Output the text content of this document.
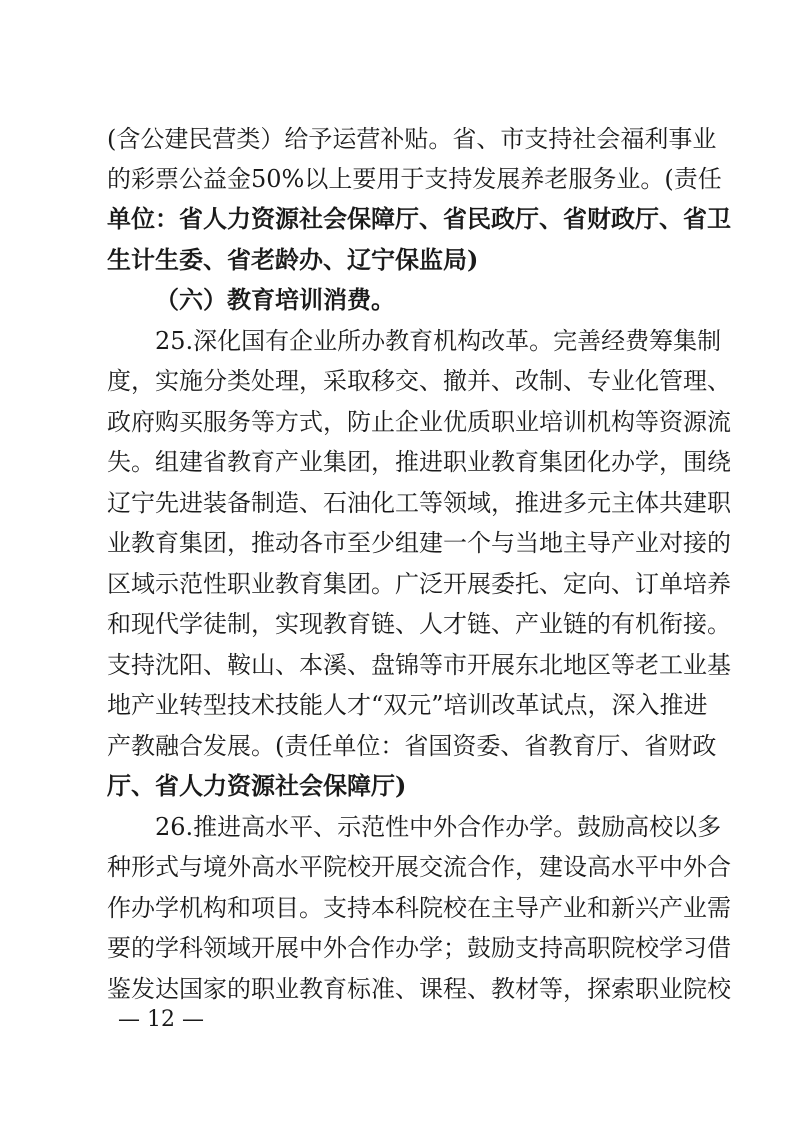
(含公建民营类）给予运营补贴。省、市支持社会福利事业
的彩票公益金50%以上要用于支持发展养老服务业。(责任
单位：省人力资源社会保障厅、省民政厅、省财政厅、省卫
生计生委、省老龄办、辽宁保监局)
（六）教育培训消费。
25.深化国有企业所办教育机构改革。完善经费筹集制
度，实施分类处理，采取移交、撤并、改制、专业化管理、
政府购买服务等方式，防止企业优质职业培训机构等资源流
失。组建省教育产业集团，推进职业教育集团化办学，围绕
辽宁先进装备制造、石油化工等领域，推进多元主体共建职
业教育集团，推动各市至少组建一个与当地主导产业对接的
区域示范性职业教育集团。广泛开展委托、定向、订单培养
和现代学徒制，实现教育链、人才链、产业链的有机衔接。
支持沈阳、鞍山、本溪、盘锦等市开展东北地区等老工业基
地产业转型技术技能人才“双元”培训改革试点，深入推进
产教融合发展。(责任单位：省国资委、省教育厅、省财政
厅、省人力资源社会保障厅)
26.推进高水平、示范性中外合作办学。鼓励高校以多
种形式与境外高水平院校开展交流合作，建设高水平中外合
作办学机构和项目。支持本科院校在主导产业和新兴产业需
要的学科领域开展中外合作办学；鼓励支持高职院校学习借
鉴发达国家的职业教育标准、课程、教材等，探索职业院校
— 12 —
